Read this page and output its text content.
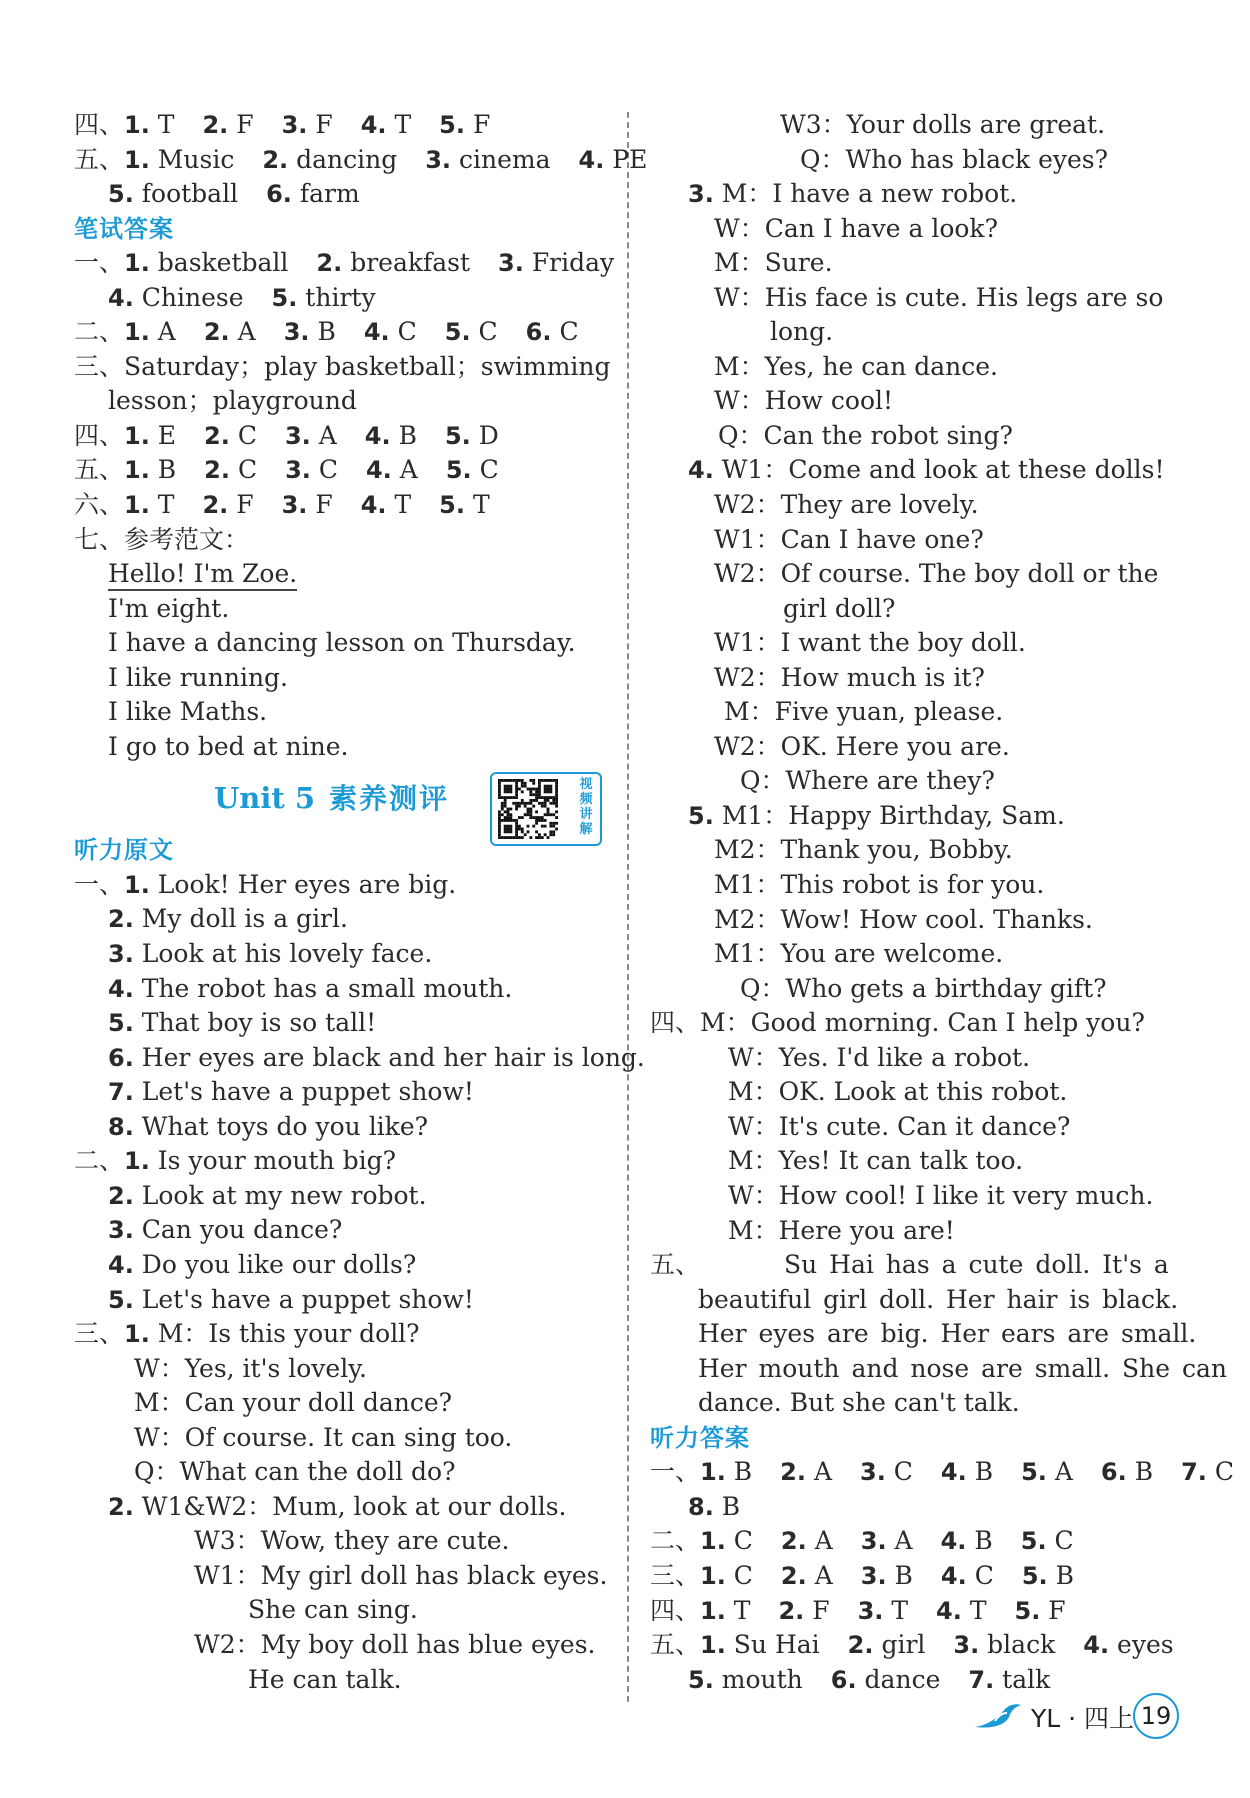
四、1. T 2. F 3. F 4. T 5. F
五、1. Music 2. dancing 3. cinema 4. PE
5. football 6. farm
笔试答案
一、1. basketball 2. breakfast 3. Friday
4. Chinese 5. thirty
二、1. A 2. A 3. B 4. C 5. C 6. C
三、Saturday；play basketball；swimming
lesson；playground
四、1. E 2. C 3. A 4. B 5. D
五、1. B 2. C 3. C 4. A 5. C
六、1. T 2. F 3. F 4. T 5. T
七、参考范文：
Hello! I'm Zoe.
I'm eight.
I have a dancing lesson on Thursday.
I like running.
I like Maths.
I go to bed at nine.
Unit 5 素养测评	视频讲解
听力原文
一、1. Look! Her eyes are big.
2. My doll is a girl.
3. Look at his lovely face.
4. The robot has a small mouth.
5. That boy is so tall!
6. Her eyes are black and her hair is long.
7. Let's have a puppet show!
8. What toys do you like?
二、1. Is your mouth big?
2. Look at my new robot.
3. Can you dance?
4. Do you like our dolls?
5. Let's have a puppet show!
三、1. M：Is this your doll?
W：Yes, it's lovely.
M：Can your doll dance?
W：Of course. It can sing too.
Q：What can the doll do?
2. W1&W2：Mum, look at our dolls.
W3：Wow, they are cute.
W1：My girl doll has black eyes.
She can sing.
W2：My boy doll has blue eyes.
He can talk.
W3：Your dolls are great.
Q：Who has black eyes?
3. M：I have a new robot.
W：Can I have a look?
M：Sure.
W：His face is cute. His legs are so
long.
M：Yes, he can dance.
W：How cool!
Q：Can the robot sing?
4. W1：Come and look at these dolls!
W2：They are lovely.
W1：Can I have one?
W2：Of course. The boy doll or the
girl doll?
W1：I want the boy doll.
W2：How much is it?
M：Five yuan, please.
W2：OK. Here you are.
Q：Where are they?
5. M1：Happy Birthday, Sam.
M2：Thank you, Bobby.
M1：This robot is for you.
M2：Wow! How cool. Thanks.
M1：You are welcome.
Q：Who gets a birthday gift?
四、M：Good morning. Can I help you?
W：Yes. I'd like a robot.
M：OK. Look at this robot.
W：It's cute. Can it dance?
M：Yes! It can talk too.
W：How cool! I like it very much.
M：Here you are!
五、	Su Hai has a cute doll. It's a
beautiful girl doll. Her hair is black.
Her eyes are big. Her ears are small.
Her mouth and nose are small. She can
dance. But she can't talk.
听力答案
一、1. B 2. A 3. C 4. B 5. A 6. B 7. C
8. B
二、1. C 2. A 3. A 4. B 5. C
三、1. C 2. A 3. B 4. C 5. B
四、1. T 2. F 3. T 4. T 5. F
五、1. Su Hai 2. girl 3. black 4. eyes
5. mouth 6. dance 7. talk
YL · 四上 19
